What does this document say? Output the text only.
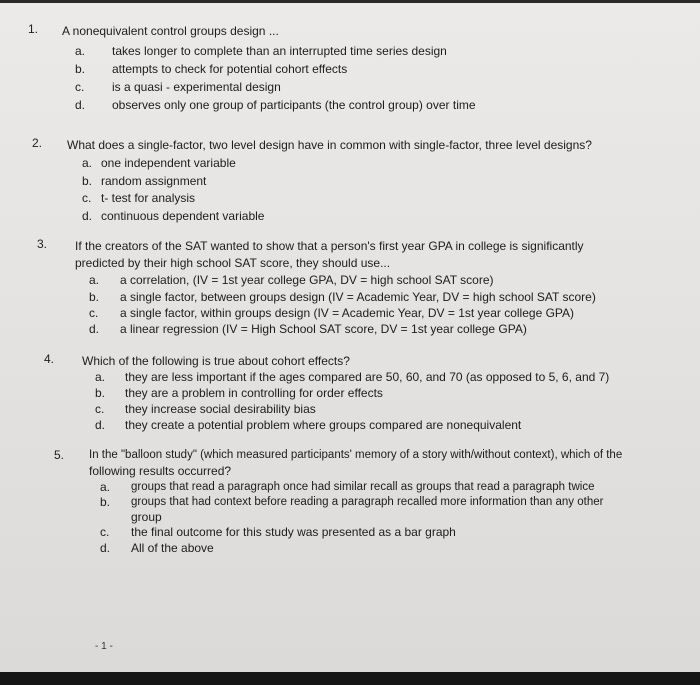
1. A nonequivalent control groups design ...
a. takes longer to complete than an interrupted time series design
b. attempts to check for potential cohort effects
c. is a quasi - experimental design
d. observes only one group of participants (the control group) over time
2. What does a single-factor, two level design have in common with single-factor, three level designs?
a. one independent variable
b. random assignment
c. t- test for analysis
d. continuous dependent variable
3. If the creators of the SAT wanted to show that a person's first year GPA in college is significantly
predicted by their high school SAT score, they should use...
a. a correlation, (IV = 1st year college GPA, DV = high school SAT score)
b. a single factor, between groups design (IV = Academic Year, DV = high school SAT score)
c. a single factor, within groups design (IV = Academic Year, DV = 1st year college GPA)
d. a linear regression (IV = High School SAT score, DV = 1st year college GPA)
4. Which of the following is true about cohort effects?
a. they are less important if the ages compared are 50, 60, and 70 (as opposed to 5, 6, and 7)
b. they are a problem in controlling for order effects
c. they increase social desirability bias
d. they create a potential problem where groups compared are nonequivalent
5. In the "balloon study" (which measured participants' memory of a story with/without context), which of the
following results occurred?
a. groups that read a paragraph once had similar recall as groups that read a paragraph twice
b. groups that had context before reading a paragraph recalled more information than any other
group
c. the final outcome for this study was presented as a bar graph
d. All of the above
- 1 -
